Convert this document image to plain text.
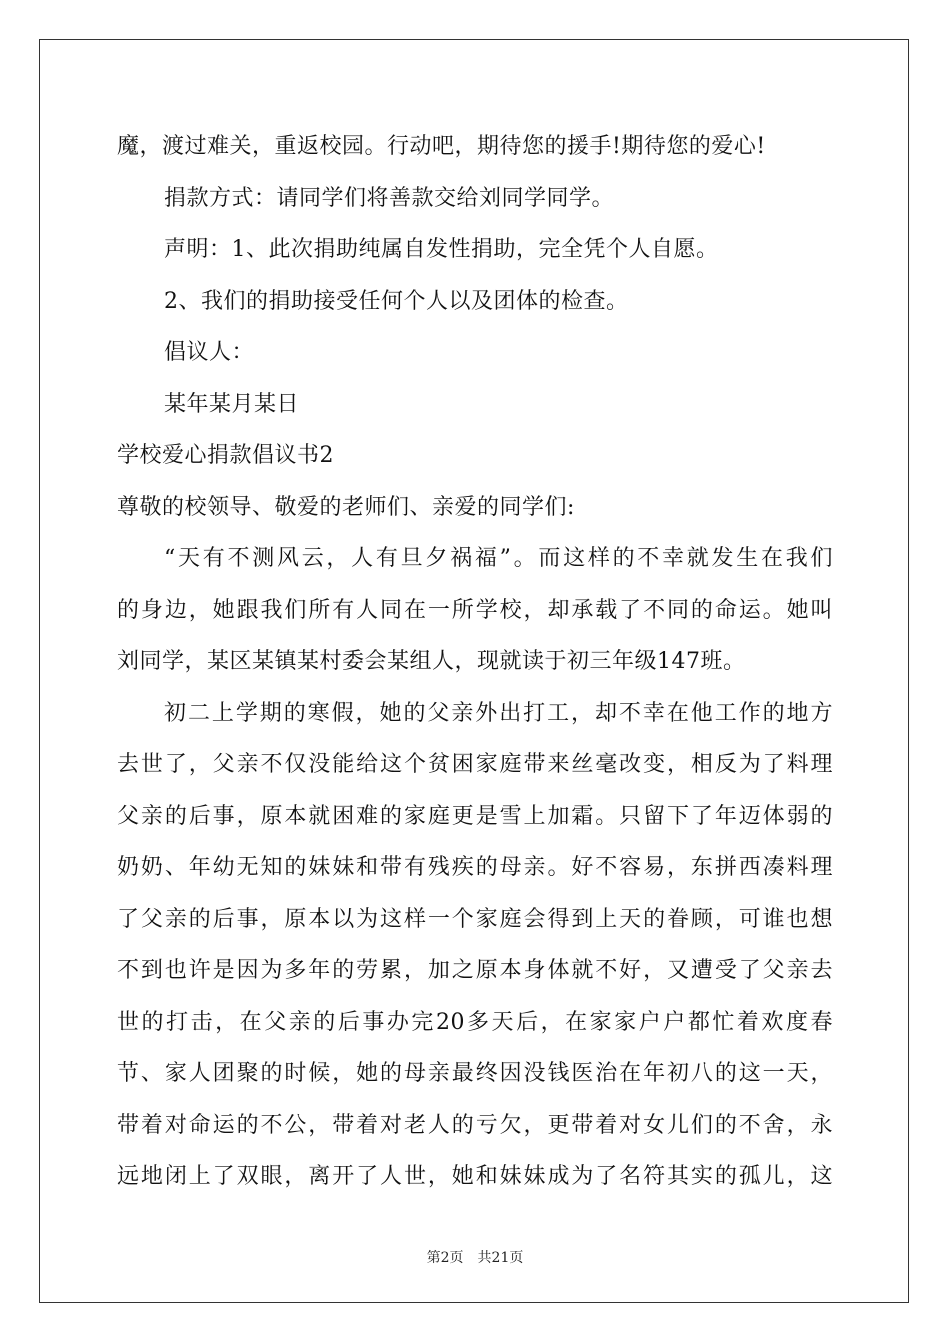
魔，渡过难关，重返校园。行动吧，期待您的援手!期待您的爱心!
捐款方式：请同学们将善款交给刘同学同学。
声明：1、此次捐助纯属自发性捐助，完全凭个人自愿。
2、我们的捐助接受任何个人以及团体的检查。
倡议人：
某年某月某日
学校爱心捐款倡议书2
尊敬的校领导、敬爱的老师们、亲爱的同学们:
“天有不测风云，人有旦夕祸福”。而这样的不幸就发生在我们
的身边，她跟我们所有人同在一所学校，却承载了不同的命运。她叫
刘同学，某区某镇某村委会某组人，现就读于初三年级147班。
初二上学期的寒假，她的父亲外出打工，却不幸在他工作的地方
去世了，父亲不仅没能给这个贫困家庭带来丝毫改变，相反为了料理
父亲的后事，原本就困难的家庭更是雪上加霜。只留下了年迈体弱的
奶奶、年幼无知的妹妹和带有残疾的母亲。好不容易，东拼西凑料理
了父亲的后事，原本以为这样一个家庭会得到上天的眷顾，可谁也想
不到也许是因为多年的劳累，加之原本身体就不好，又遭受了父亲去
世的打击，在父亲的后事办完20多天后，在家家户户都忙着欢度春
节、家人团聚的时候，她的母亲最终因没钱医治在年初八的这一天，
带着对命运的不公，带着对老人的亏欠，更带着对女儿们的不舍，永
远地闭上了双眼，离开了人世，她和妹妹成为了名符其实的孤儿，这
第2页 共21页
